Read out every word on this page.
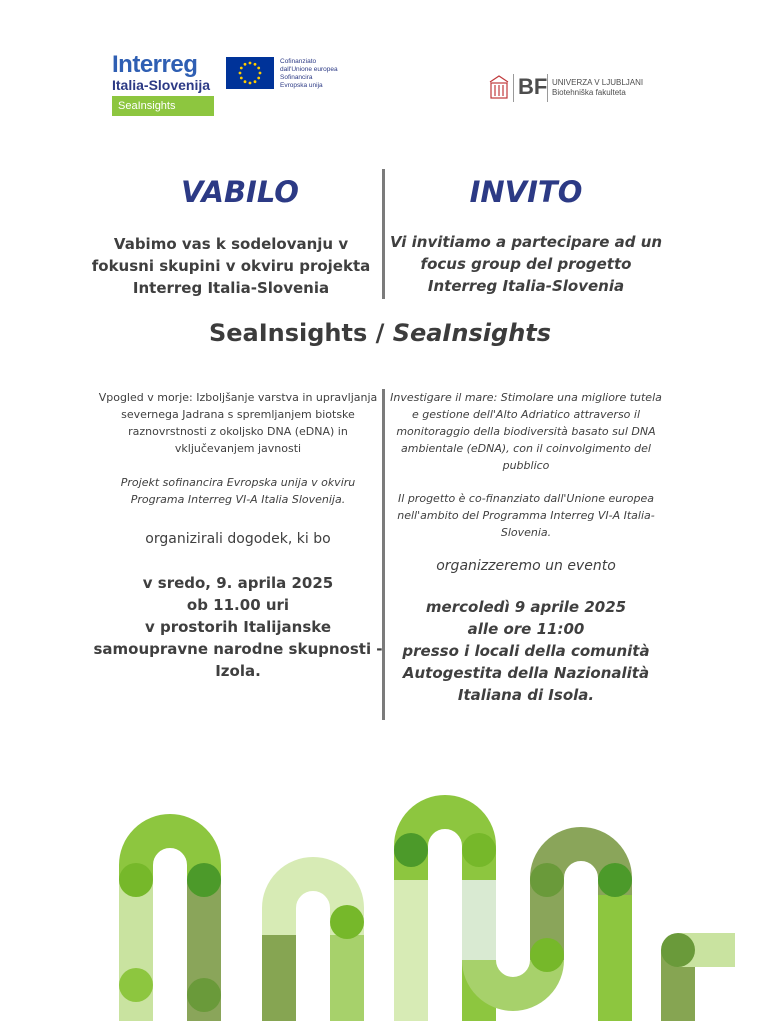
Interreg
Italia-Slovenija
SeaInsights
Cofinanziato
dall'Unione europea
Sofinancira
Evropska unija	BF UNIVERZA V LJUBLJANI
Biotehniška fakulteta
VABILO	INVITO
Vabimo vas k sodelovanju v fokusni skupini v okviru projekta Interreg Italia-Slovenia
Vi invitiamo a partecipare ad un focus group del progetto Interreg Italia-Slovenia
SeaInsights / SeaInsights
Vpogled v morje: Izboljšanje varstva in upravljanja severnega Jadrana s spremljanjem biotske raznovrstnosti z okoljsko DNA (eDNA) in vključevanjem javnosti
Projekt sofinancira Evropska unija v okviru Programa Interreg VI-A Italia Slovenija.
organizirali dogodek, ki bo
v sredo, 9. aprila 2025
ob 11.00 uri
v prostorih Italijanske samoupravne narodne skupnosti - Izola.
Investigare il mare: Stimolare una migliore tutela e gestione dell'Alto Adriatico attraverso il monitoraggio della biodiversità basato sul DNA ambientale (eDNA), con il coinvolgimento del pubblico
Il progetto è co-finanziato dall'Unione europea nell'ambito del Programma Interreg VI-A Italia-Slovenia.
organizzeremo un evento
mercoledì 9 aprile 2025
alle ore 11:00
presso i locali della comunità Autogestita della Nazionalità Italiana di Isola.
